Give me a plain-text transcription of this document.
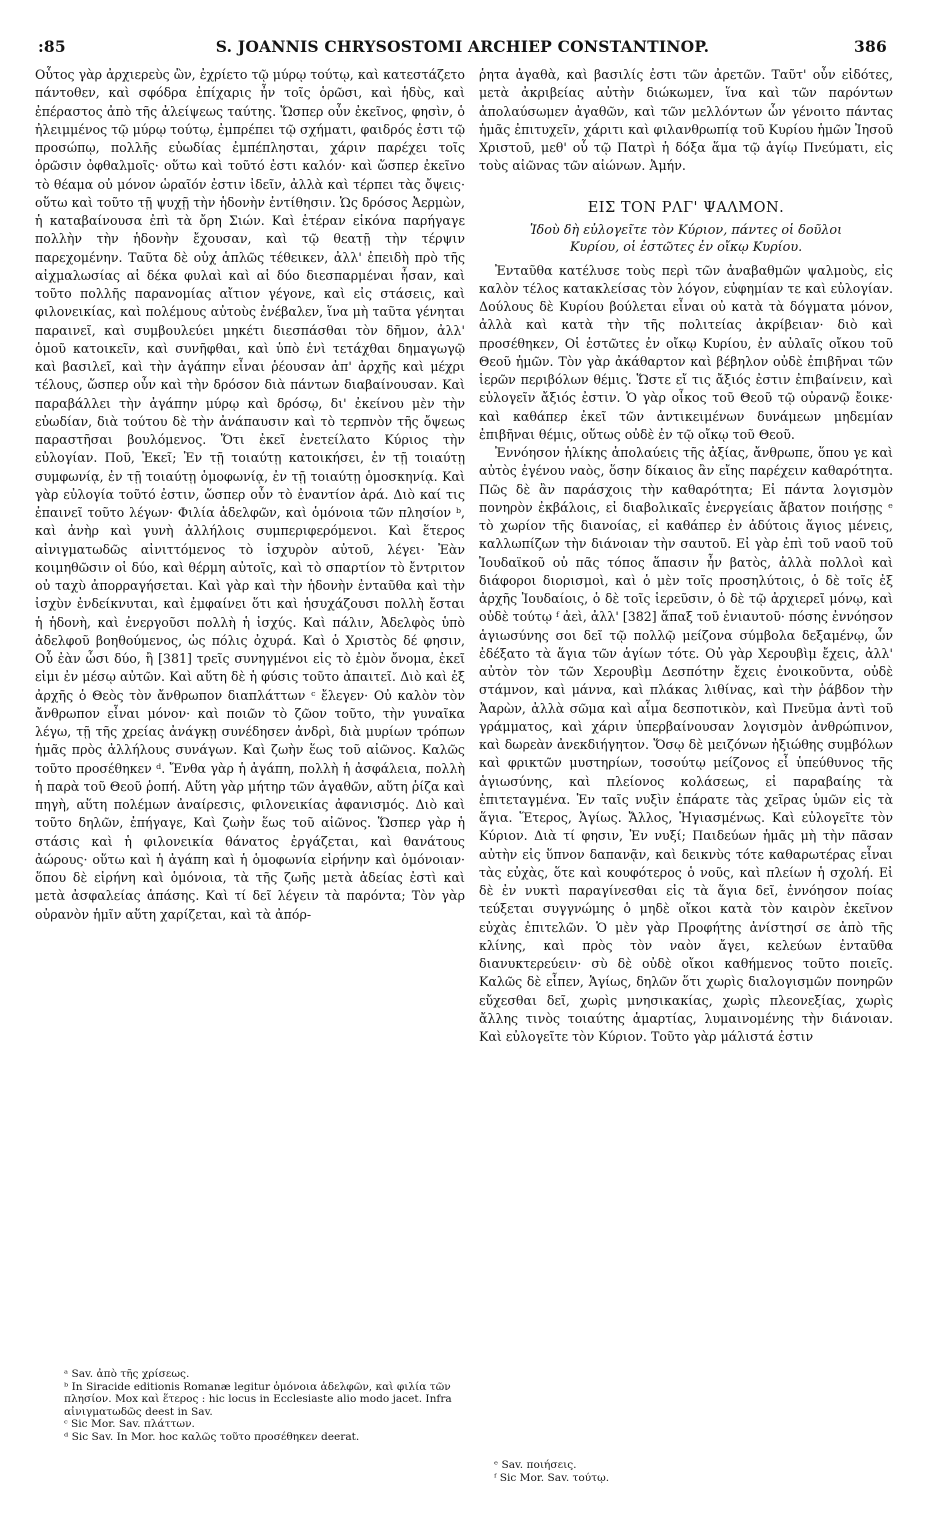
:85	S. JOANNIS CHRYSOSTOMI ARCHIEP CONSTANTINOP.	386

Οὗτος γὰρ ἀρχιερεὺς ὢν, ἐχρίετο τῷ μύρῳ τούτῳ, καὶ κατεστάζετο πάντοθεν, καὶ σφόδρα ἐπίχαρις ἦν τοῖς ὁρῶσι, καὶ ἡδὺς, καὶ ἐπέραστος ἀπὸ τῆς ἀλείψεως ταύτης. Ὥσπερ οὖν ἐκεῖνος, φησὶν, ὁ ἠλειμμένος τῷ μύρῳ τούτῳ, ἐμπρέπει τῷ σχήματι, φαιδρός ἐστι τῷ προσώπῳ, πολλῆς εὐωδίας ἐμπέπλησται, χάριν παρέχει τοῖς ὁρῶσιν ὀφθαλμοῖς· οὕτω καὶ τοῦτό ἐστι καλόν· καὶ ὥσπερ ἐκεῖνο τὸ θέαμα οὐ μόνον ὡραῖόν ἐστιν ἰδεῖν, ἀλλὰ καὶ τέρπει τὰς ὄψεις· οὕτω καὶ τοῦτο τῇ ψυχῇ τὴν ἡδονὴν ἐντίθησιν. Ὡς δρόσος Ἀερμὼν, ἡ καταβαίνουσα ἐπὶ τὰ ὄρη Σιών. Καὶ ἑτέραν εἰκόνα παρήγαγε πολλὴν τὴν ἡδονὴν ἔχουσαν, καὶ τῷ θεατῇ τὴν τέρψιν παρεχομένην. Ταῦτα δὲ οὐχ ἁπλῶς τέθεικεν, ἀλλ' ἐπειδὴ πρὸ τῆς αἰχμαλωσίας αἱ δέκα φυλαὶ καὶ αἱ δύο διεσπαρμέναι ἦσαν, καὶ τοῦτο πολλῆς παρανομίας αἴτιον γέγονε, καὶ εἰς στάσεις, καὶ φιλονεικίας, καὶ πολέμους αὐτοὺς ἐνέβαλεν, ἵνα μὴ ταῦτα γένηται παραινεῖ, καὶ συμβουλεύει μηκέτι διεσπάσθαι τὸν δῆμον, ἀλλ' ὁμοῦ κατοικεῖν, καὶ συνῆφθαι, καὶ ὑπὸ ἑνὶ τετάχθαι δημαγωγῷ καὶ βασιλεῖ, καὶ τὴν ἀγάπην εἶναι ῥέουσαν ἀπ' ἀρχῆς καὶ μέχρι τέλους, ὥσπερ οὖν καὶ τὴν δρόσον διὰ πάντων διαβαίνουσαν. Καὶ παραβάλλει τὴν ἀγάπην μύρῳ καὶ δρόσῳ, δι' ἐκείνου μὲν τὴν εὐωδίαν, διὰ τούτου δὲ τὴν ἀνάπαυσιν καὶ τὸ τερπνὸν τῆς ὄψεως παραστῆσαι βουλόμενος. Ὅτι ἐκεῖ ἐνετείλατο Κύριος τὴν εὐλογίαν. Ποῦ, Ἐκεῖ; Ἐν τῇ τοιαύτῃ κατοικήσει, ἐν τῇ τοιαύτῃ συμφωνίᾳ, ἐν τῇ τοιαύτῃ ὁμοφωνίᾳ, ἐν τῇ τοιαύτῃ ὁμοσκηνίᾳ. Καὶ γὰρ εὐλογία τοῦτό ἐστιν, ὥσπερ οὖν τὸ ἐναντίον ἀρά. Διὸ καί τις ἐπαινεῖ τοῦτο λέγων· Φιλία ἀδελφῶν, καὶ ὁμόνοια τῶν πλησίον ᵇ, καὶ ἀνὴρ καὶ γυνὴ ἀλλήλοις συμπεριφερόμενοι. Καὶ ἕτερος αἰνιγματωδῶς αἰνιττόμενος τὸ ἰσχυρὸν αὐτοῦ, λέγει· Ἐὰν κοιμηθῶσιν οἱ δύο, καὶ θέρμη αὐτοῖς, καὶ τὸ σπαρτίον τὸ ἔντριτον οὐ ταχὺ ἀπορραγήσεται. Καὶ γὰρ καὶ τὴν ἡδονὴν ἐνταῦθα καὶ τὴν ἰσχὺν ἐνδείκνυται, καὶ ἐμφαίνει ὅτι καὶ ἡσυχάζουσι πολλὴ ἔσται ἡ ἡδονὴ, καὶ ἐνεργοῦσι πολλὴ ἡ ἰσχύς. Καὶ πάλιν, Ἀδελφὸς ὑπὸ ἀδελφοῦ βοηθούμενος, ὡς πόλις ὀχυρά. Καὶ ὁ Χριστὸς δέ φησιν, Οὗ ἐὰν ὦσι δύο, ἢ [381] τρεῖς συνηγμένοι εἰς τὸ ἐμὸν ὄνομα, ἐκεῖ εἰμι ἐν μέσῳ αὐτῶν. Καὶ αὕτη δὲ ἡ φύσις τοῦτο ἀπαιτεῖ. Διὸ καὶ ἐξ ἀρχῆς ὁ Θεὸς τὸν ἄνθρωπον διαπλάττων ᶜ ἔλεγεν· Οὐ καλὸν τὸν ἄνθρωπον εἶναι μόνον· καὶ ποιῶν τὸ ζῶον τοῦτο, τὴν γυναῖκα λέγω, τῇ τῆς χρείας ἀνάγκῃ συνέδησεν ἀνδρὶ, διὰ μυρίων τρόπων ἡμᾶς πρὸς ἀλλήλους συνάγων. Καὶ ζωὴν ἕως τοῦ αἰῶνος. Καλῶς τοῦτο προσέθηκεν ᵈ. Ἔνθα γὰρ ἡ ἀγάπη, πολλὴ ἡ ἀσφάλεια, πολλὴ ἡ παρὰ τοῦ Θεοῦ ῥοπή. Αὕτη γὰρ μήτηρ τῶν ἀγαθῶν, αὕτη ῥίζα καὶ πηγὴ, αὕτη πολέμων ἀναίρεσις, φιλονεικίας ἀφανισμός. Διὸ καὶ τοῦτο δηλῶν, ἐπήγαγε, Καὶ ζωὴν ἕως τοῦ αἰῶνος. Ὥσπερ γὰρ ἡ στάσις καὶ ἡ φιλονεικία θάνατος ἐργάζεται, καὶ θανάτους ἀώρους· οὕτω καὶ ἡ ἀγάπη καὶ ἡ ὁμοφωνία εἰρήνην καὶ ὁμόνοιαν· ὅπου δὲ εἰρήνη καὶ ὁμόνοια, τὰ τῆς ζωῆς μετὰ ἀδείας ἐστὶ καὶ μετὰ ἀσφαλείας ἁπάσης. Καὶ τί δεῖ λέγειν τὰ παρόντα; Τὸν γὰρ οὐρανὸν ἡμῖν αὕτη χαρίζεται, καὶ τὰ ἀπόρ-

ῥητα ἀγαθὰ, καὶ βασιλίς ἐστι τῶν ἀρετῶν. Ταῦτ' οὖν εἰδότες, μετὰ ἀκριβείας αὐτὴν διώκωμεν, ἵνα καὶ τῶν παρόντων ἀπολαύσωμεν ἀγαθῶν, καὶ τῶν μελλόντων ὧν γένοιτο πάντας ἡμᾶς ἐπιτυχεῖν, χάριτι καὶ φιλανθρωπίᾳ τοῦ Κυρίου ἡμῶν Ἰησοῦ Χριστοῦ, μεθ' οὗ τῷ Πατρὶ ἡ δόξα ἅμα τῷ ἁγίῳ Πνεύματι, εἰς τοὺς αἰῶνας τῶν αἰώνων. Ἀμήν.

ΕΙΣ ΤΟΝ ΡΛΓ' ΨΑΛΜΟΝ.
Ἰδοὺ δὴ εὐλογεῖτε τὸν Κύριον, πάντες οἱ δοῦλοι
Κυρίου, οἱ ἑστῶτες ἐν οἴκῳ Κυρίου.

Ἐνταῦθα κατέλυσε τοὺς περὶ τῶν ἀναβαθμῶν ψαλμοὺς, εἰς καλὸν τέλος κατακλείσας τὸν λόγον, εὐφημίαν τε καὶ εὐλογίαν. Δούλους δὲ Κυρίου βούλεται εἶναι οὐ κατὰ τὰ δόγματα μόνον, ἀλλὰ καὶ κατὰ τὴν τῆς πολιτείας ἀκρίβειαν· διὸ καὶ προσέθηκεν, Οἱ ἑστῶτες ἐν οἴκῳ Κυρίου, ἐν αὐλαῖς οἴκου τοῦ Θεοῦ ἡμῶν. Τὸν γὰρ ἀκάθαρτον καὶ βέβηλον οὐδὲ ἐπιβῆναι τῶν ἱερῶν περιβόλων θέμις. Ὥστε εἴ τις ἄξιός ἐστιν ἐπιβαίνειν, καὶ εὐλογεῖν ἄξιός ἐστιν. Ὁ γὰρ οἶκος τοῦ Θεοῦ τῷ οὐρανῷ ἔοικε· καὶ καθάπερ ἐκεῖ τῶν ἀντικειμένων δυνάμεων μηδεμίαν ἐπιβῆναι θέμις, οὕτως οὐδὲ ἐν τῷ οἴκῳ τοῦ Θεοῦ.

Ἐννόησον ἡλίκης ἀπολαύεις τῆς ἀξίας, ἄνθρωπε, ὅπου γε καὶ αὐτὸς ἐγένου ναὸς, ὅσην δίκαιος ἂν εἴης παρέχειν καθαρότητα. Πῶς δὲ ἂν παράσχοις τὴν καθαρότητα; Εἰ πάντα λογισμὸν πονηρὸν ἐκβάλοις, εἰ διαβολικαῖς ἐνεργείαις ἄβατον ποιήσῃς ᵉ τὸ χωρίον τῆς διανοίας, εἰ καθάπερ ἐν ἀδύτοις ἅγιος μένεις, καλλωπίζων τὴν διάνοιαν τὴν σαυτοῦ. Εἰ γὰρ ἐπὶ τοῦ ναοῦ τοῦ Ἰουδαϊκοῦ οὐ πᾶς τόπος ἅπασιν ἦν βατὸς, ἀλλὰ πολλοὶ καὶ διάφοροι διορισμοὶ, καὶ ὁ μὲν τοῖς προσηλύτοις, ὁ δὲ τοῖς ἐξ ἀρχῆς Ἰουδαίοις, ὁ δὲ τοῖς ἱερεῦσιν, ὁ δὲ τῷ ἀρχιερεῖ μόνῳ, καὶ οὐδὲ τούτῳ ᶠ ἀεὶ, ἀλλ' [382] ἅπαξ τοῦ ἐνιαυτοῦ· πόσης ἐννόησον ἁγιωσύνης σοι δεῖ τῷ πολλῷ μείζονα σύμβολα δεξαμένῳ, ὧν ἐδέξατο τὰ ἅγια τῶν ἁγίων τότε. Οὐ γὰρ Χερουβὶμ ἔχεις, ἀλλ' αὐτὸν τὸν τῶν Χερουβὶμ Δεσπότην ἔχεις ἐνοικοῦντα, οὐδὲ στάμνον, καὶ μάννα, καὶ πλάκας λιθίνας, καὶ τὴν ῥάβδον τὴν Ἀαρὼν, ἀλλὰ σῶμα καὶ αἷμα δεσποτικὸν, καὶ Πνεῦμα ἀντὶ τοῦ γράμματος, καὶ χάριν ὑπερβαίνουσαν λογισμὸν ἀνθρώπινον, καὶ δωρεὰν ἀνεκδιήγητον. Ὅσῳ δὲ μειζόνων ἠξιώθης συμβόλων καὶ φρικτῶν μυστηρίων, τοσούτῳ μείζονος εἶ ὑπεύθυνος τῆς ἁγιωσύνης, καὶ πλείονος κολάσεως, εἰ παραβαίης τὰ ἐπιτεταγμένα. Ἐν ταῖς νυξὶν ἐπάρατε τὰς χεῖρας ὑμῶν εἰς τὰ ἅγια. Ἕτερος, Ἁγίως. Ἄλλος, Ἡγιασμένως. Καὶ εὐλογεῖτε τὸν Κύριον. Διὰ τί φησιν, Ἐν νυξί; Παιδεύων ἡμᾶς μὴ τὴν πᾶσαν αὐτὴν εἰς ὕπνον δαπανᾷν, καὶ δεικνὺς τότε καθαρωτέρας εἶναι τὰς εὐχὰς, ὅτε καὶ κουφότερος ὁ νοῦς, καὶ πλείων ἡ σχολή. Εἰ δὲ ἐν νυκτὶ παραγίνεσθαι εἰς τὰ ἅγια δεῖ, ἐννόησον ποίας τεύξεται συγγνώμης ὁ μηδὲ οἴκοι κατὰ τὸν καιρὸν ἐκεῖνον εὐχὰς ἐπιτελῶν. Ὁ μὲν γὰρ Προφήτης ἀνίστησί σε ἀπὸ τῆς κλίνης, καὶ πρὸς τὸν ναὸν ἄγει, κελεύων ἐνταῦθα διανυκτερεύειν· σὺ δὲ οὐδὲ οἴκοι καθήμενος τοῦτο ποιεῖς. Καλῶς δὲ εἶπεν, Ἁγίως, δηλῶν ὅτι χωρὶς διαλογισμῶν πονηρῶν εὔχεσθαι δεῖ, χωρὶς μνησικακίας, χωρὶς πλεονεξίας, χωρὶς ἄλλης τινὸς τοιαύτης ἁμαρτίας, λυμαινομένης τὴν διάνοιαν. Καὶ εὐλογεῖτε τὸν Κύριον. Τοῦτο γὰρ μάλιστά ἐστιν

ᵃ Sav. ἀπὸ τῆς χρίσεως.

ᵇ In Siracide editionis Romanæ legitur ὁμόνοια ἀδελφῶν, καὶ φιλία τῶν πλησίον. Mox καὶ ἕτερος : hic locus in Ecclesiaste alio modo jacet. Infra αἰνιγματωδῶς deest in Sav.

ᶜ Sic Mor. Sav. πλάττων.

ᵈ Sic Sav. In Mor. hoc καλῶς τοῦτο προσέθηκεν deerat.

ᵉ Sav. ποιήσεις.

ᶠ Sic Mor. Sav. τούτῳ.
